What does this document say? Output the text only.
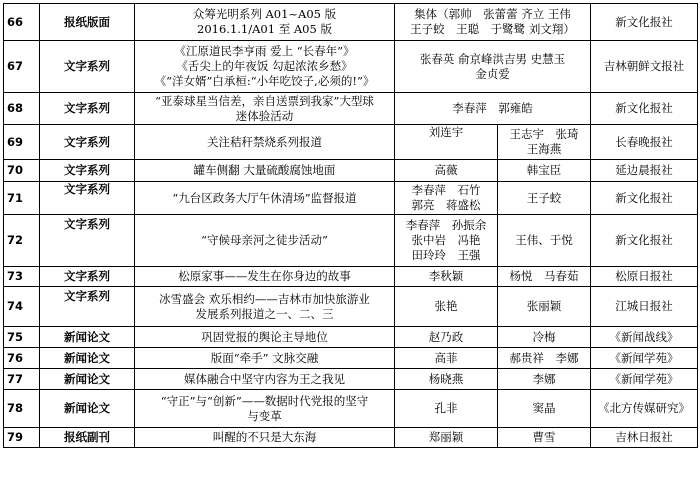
66	报纸版面	众筹光明系列 A01~A05 版
2016.1.1/A01 至 A05 版	集体（郭帅　张蕾蕾 齐立 王伟
王子蛟　王聪　于鹭鹭 刘文翔）		新文化报社
67	文字系列	《江原道民李亨雨 爱上 “长春年”》
《舌尖上的年夜饭 勾起浓浓乡愁》
《“洋女婿”白承桓:“小年吃饺子,必须的!”》	张春英 俞京峰洪吉男 史慧玉
金贞爱		吉林朝鲜文报社
68	文字系列	“亚泰球星当信差，亲自送票到我家”大型球
迷体验活动	李春萍　郭雍皓		新文化报社
69	文字系列	关注秸秆禁烧系列报道	刘连宇	王志宇　张琦
王海燕	长春晚报社
70	文字系列	罐车侧翻 大量硫酸腐蚀地面	高薇	韩宝臣	延边晨报社
71	文字系列	“九台区政务大厅午休清场”监督报道	李春萍　石竹
郭亮　蒋盛松	王子蛟	新文化报社
72	文字系列	“守候母亲河之徒步活动”	李春萍　孙振余
张中岩　冯艳
田玲玲　王强	王伟、于悦	新文化报社
73	文字系列	松原家事——发生在你身边的故事	李秋颖	杨悦　马春茹	松原日报社
74	文字系列	冰雪盛会 欢乐相约——吉林市加快旅游业
发展系列报道之一、二、三	张艳	张丽颖	江城日报社
75	新闻论文	巩固党报的舆论主导地位	赵乃政	冷梅	《新闻战线》
76	新闻论文	版面“牵手” 文脉交融	高菲	郝贵祥　李娜	《新闻学苑》
77	新闻论文	媒体融合中坚守内容为王之我见	杨晓燕	李娜	《新闻学苑》
78	新闻论文	“守正”与“创新”——数据时代党报的坚守
与变革	孔非	窦晶	《北方传媒研究》
79	报纸副刊	叫醒的不只是大东海	郑丽颖	曹雪	吉林日报社
